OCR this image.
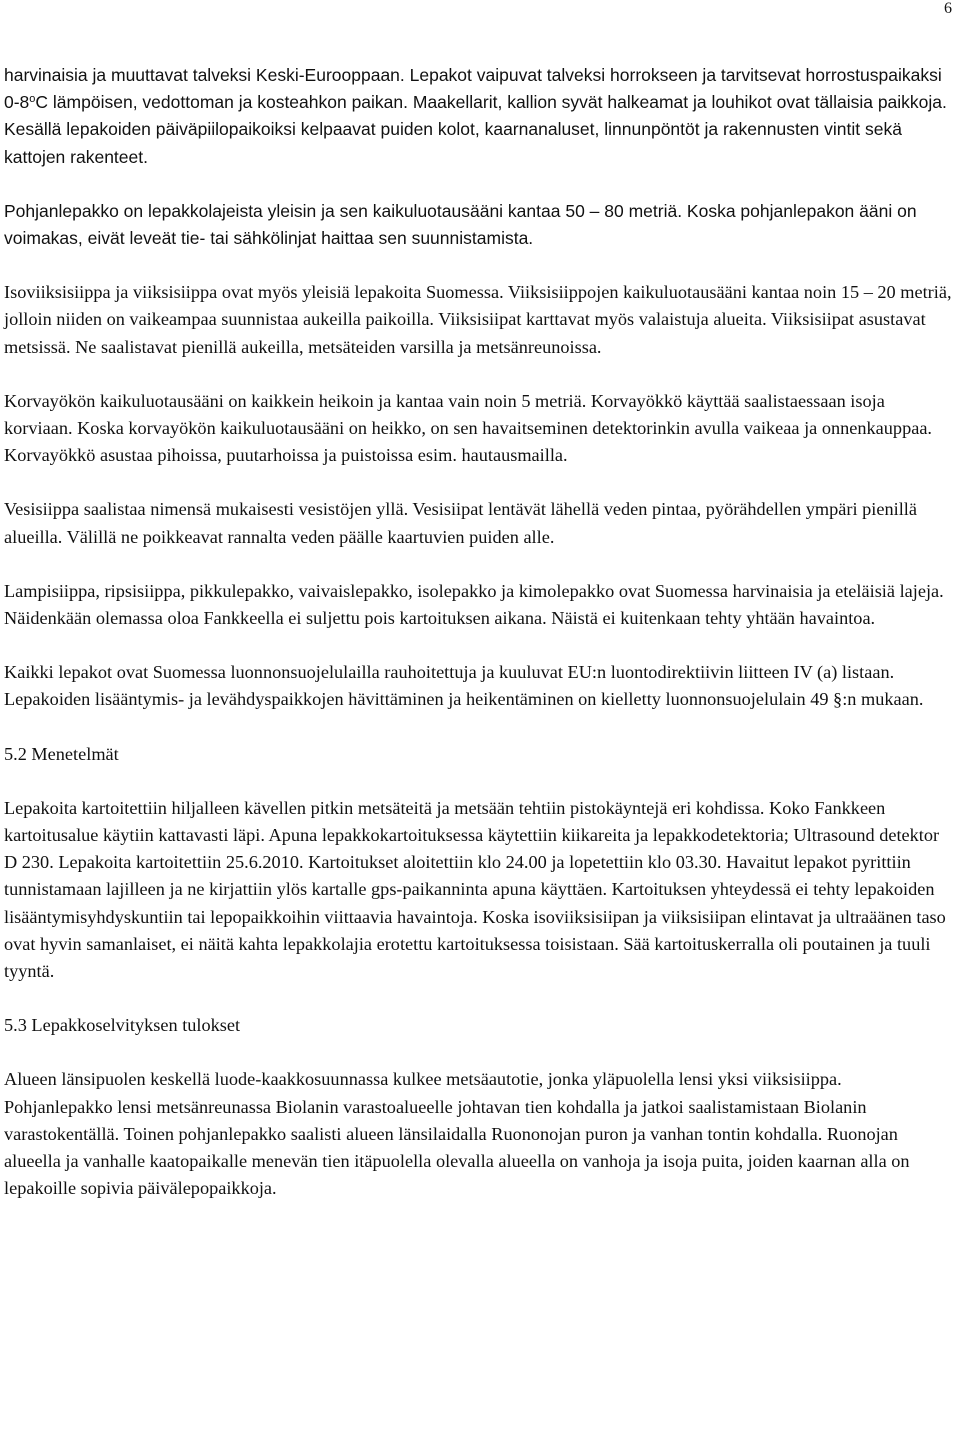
6

harvinaisia ja muuttavat talveksi Keski-Eurooppaan. Lepakot vaipuvat talveksi horrokseen ja tarvitsevat horrostuspaikaksi 0-8$^o$C lämpöisen, vedottoman ja kosteahkon paikan. Maakellarit, kallion syvät halkeamat ja louhikot ovat tällaisia paikkoja. Kesällä lepakoiden päiväpiilopaikoiksi kelpaavat puiden kolot, kaarnanaluset, linnunpöntöt ja rakennusten vintit sekä kattojen rakenteet.

Pohjanlepakko on lepakkolajeista yleisin ja sen kaikuluotausääni kantaa 50 – 80 metriä. Koska pohjanlepakon ääni on voimakas, eivät leveät tie- tai sähkölinjat haittaa sen suunnistamista.

Isoviiksisiippa ja viiksisiippa ovat myös yleisiä lepakoita Suomessa. Viiksisiippojen kaikuluotausääni kantaa noin 15 – 20 metriä, jolloin niiden on vaikeampaa suunnistaa aukeilla paikoilla. Viiksisiipat karttavat myös valaistuja alueita. Viiksisiipat asustavat metsissä. Ne saalistavat pienillä aukeilla, metsäteiden varsilla ja metsänreunoissa.

Korvayökön kaikuluotausääni on kaikkein heikoin ja kantaa vain noin 5 metriä. Korvayökkö käyttää saalistaessaan isoja korviaan. Koska korvayökön kaikuluotausääni on heikko, on sen havaitseminen detektorinkin avulla vaikeaa ja onnenkauppaa. Korvayökkö asustaa pihoissa, puutarhoissa ja puistoissa esim. hautausmailla.

Vesisiippa saalistaa nimensä mukaisesti vesistöjen yllä. Vesisiipat lentävät lähellä veden pintaa, pyörähdellen ympäri pienillä alueilla. Välillä ne poikkeavat rannalta veden päälle kaartuvien puiden alle.

Lampisiippa, ripsisiippa, pikkulepakko, vaivaislepakko, isolepakko ja kimolepakko ovat Suomessa harvinaisia ja eteläisiä lajeja. Näidenkään olemassa oloa Fankkeella ei suljettu pois kartoituksen aikana. Näistä ei kuitenkaan tehty yhtään havaintoa.

Kaikki lepakot ovat Suomessa luonnonsuojelulailla rauhoitettuja ja kuuluvat EU:n luontodirektiivin liitteen IV (a) listaan. Lepakoiden lisääntymis- ja levähdyspaikkojen hävittäminen ja heikentäminen on kielletty luonnonsuojelulain 49 §:n mukaan.

5.2 Menetelmät

Lepakoita kartoitettiin hiljalleen kävellen pitkin metsäteitä ja metsään tehtiin pistokäyntejä eri kohdissa. Koko Fankkeen kartoitusalue käytiin kattavasti läpi. Apuna lepakkokartoituksessa käytettiin kiikareita ja lepakkodetektoria; Ultrasound detektor D 230. Lepakoita kartoitettiin 25.6.2010. Kartoitukset aloitettiin klo 24.00 ja lopetettiin klo 03.30. Havaitut lepakot pyrittiin tunnistamaan lajilleen ja ne kirjattiin ylös kartalle gps-paikanninta apuna käyttäen. Kartoituksen yhteydessä ei tehty lepakoiden lisääntymisyhdyskuntiin tai lepopaikkoihin viittaavia havaintoja. Koska isoviiksisiipan ja viiksisiipan elintavat ja ultraäänen taso ovat hyvin samanlaiset, ei näitä kahta lepakkolajia erotettu kartoituksessa toisistaan. Sää kartoituskerralla oli poutainen ja tuuli tyyntä.

5.3 Lepakkoselvityksen tulokset

Alueen länsipuolen keskellä luode-kaakkosuunnassa kulkee metsäautotie, jonka yläpuolella lensi yksi viiksisiippa. Pohjanlepakko lensi metsänreunassa Biolanin varastoalueelle johtavan tien kohdalla ja jatkoi saalistamistaan Biolanin varastokentällä. Toinen pohjanlepakko saalisti alueen länsilaidalla Ruononojan puron ja vanhan tontin kohdalla. Ruonojan alueella ja vanhalle kaatopaikalle menevän tien itäpuolella olevalla alueella on vanhoja ja isoja puita, joiden kaarnan alla on lepakoille sopivia päivälepopaikkoja.
